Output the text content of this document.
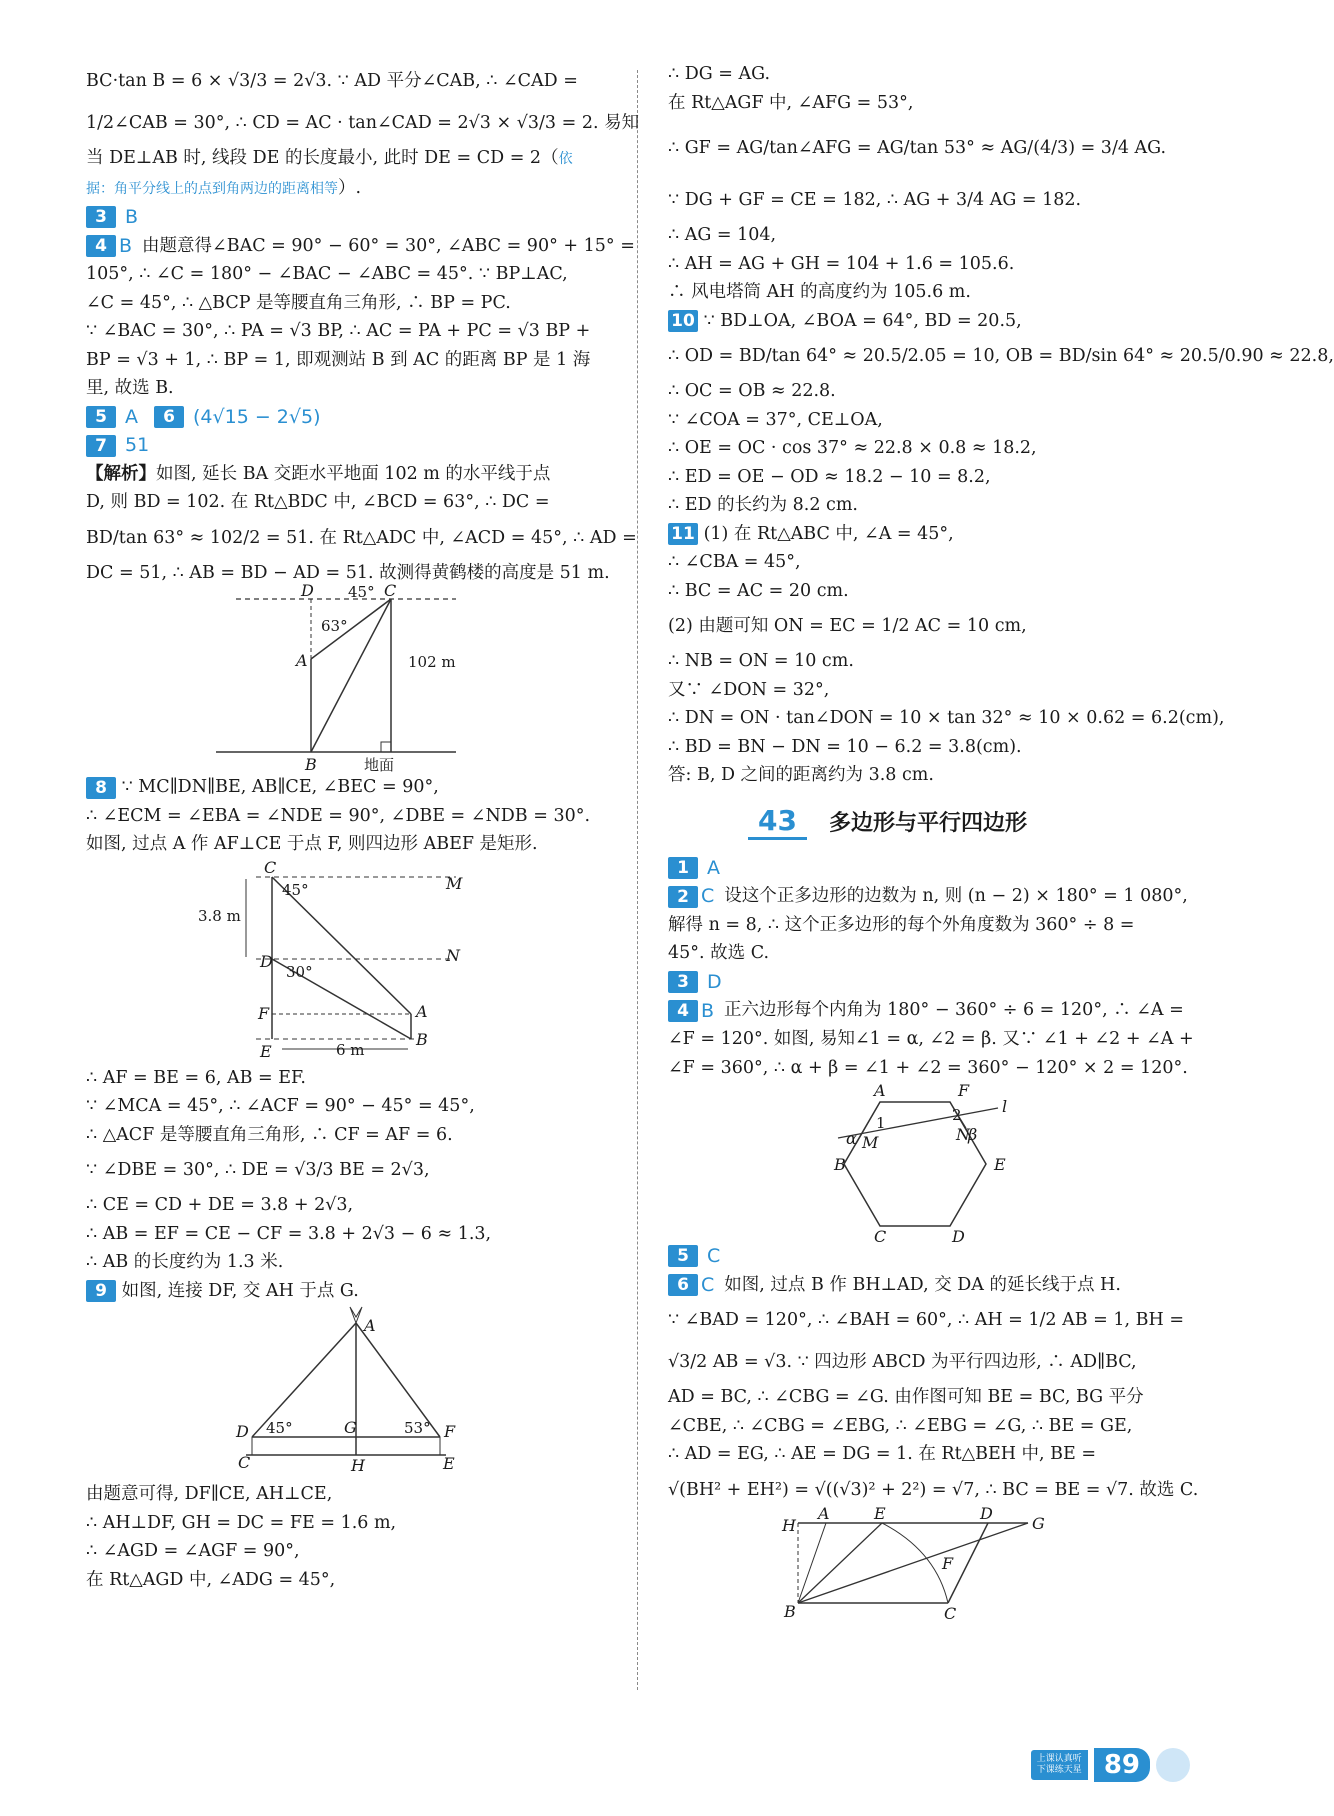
BC·tan B = 6 × √3/3 = 2√3. ∵ AD 平分∠CAB, ∴ ∠CAD =
1/2∠CAB = 30°, ∴ CD = AC · tan∠CAD = 2√3 × √3/3 = 2. 易知
当 DE⊥AB 时, 线段 DE 的长度最小, 此时 DE = CD = 2（依
据：角平分线上的点到角两边的距离相等）.
3 B
4 B 由题意得∠BAC = 90° − 60° = 30°, ∠ABC = 90° + 15° =
105°, ∴ ∠C = 180° − ∠BAC − ∠ABC = 45°. ∵ BP⊥AC,
∠C = 45°, ∴ △BCP 是等腰直角三角形, ∴ BP = PC.
∵ ∠BAC = 30°, ∴ PA = √3 BP, ∴ AC = PA + PC = √3 BP +
BP = √3 + 1, ∴ BP = 1, 即观测站 B 到 AC 的距离 BP 是 1 海
里, 故选 B.
5 A	6 (4√15 − 2√5)
7 51
【解析】如图, 延长 BA 交距水平地面 102 m 的水平线于点
D, 则 BD = 102. 在 Rt△BDC 中, ∠BCD = 63°, ∴ DC =
BD/tan 63° ≈ 102/2 = 51. 在 Rt△ADC 中, ∠ACD = 45°, ∴ AD =
DC = 51, ∴ AB = BD − AD = 51. 故测得黄鹤楼的高度是 51 m.
D	C
A
B
45°
63°
102 m
地面
8 ∵ MC∥DN∥BE, AB∥CE, ∠BEC = 90°,
∴ ∠ECM = ∠EBA = ∠NDE = 90°, ∠DBE = ∠NDB = 30°.
如图, 过点 A 作 AF⊥CE 于点 F, 则四边形 ABEF 是矩形.
C
M
D	N
F	A
E
B
45°
30°
3.8 m
6 m
∴ AF = BE = 6, AB = EF.
∵ ∠MCA = 45°, ∴ ∠ACF = 90° − 45° = 45°,
∴ △ACF 是等腰直角三角形, ∴ CF = AF = 6.
∵ ∠DBE = 30°, ∴ DE = √3/3 BE = 2√3,
∴ CE = CD + DE = 3.8 + 2√3,
∴ AB = EF = CE − CF = 3.8 + 2√3 − 6 ≈ 1.3,
∴ AB 的长度约为 1.3 米.
9 如图, 连接 DF, 交 AH 于点 G.
A
D	G	F
C	H	E
45°	53°
由题意可得, DF∥CE, AH⊥CE,
∴ AH⊥DF, GH = DC = FE = 1.6 m,
∴ ∠AGD = ∠AGF = 90°,
在 Rt△AGD 中, ∠ADG = 45°,
∴ DG = AG.
在 Rt△AGF 中, ∠AFG = 53°,
∴ GF = AG/tan∠AFG = AG/tan 53° ≈ AG/(4/3) = 3/4 AG.
∵ DG + GF = CE = 182, ∴ AG + 3/4 AG = 182.
∴ AG = 104,
∴ AH = AG + GH = 104 + 1.6 = 105.6.
∴ 风电塔筒 AH 的高度约为 105.6 m.
10 ∵ BD⊥OA, ∠BOA = 64°, BD = 20.5,
∴ OD = BD/tan 64° ≈ 20.5/2.05 = 10, OB = BD/sin 64° ≈ 20.5/0.90 ≈ 22.8,
∴ OC = OB ≈ 22.8.
∵ ∠COA = 37°, CE⊥OA,
∴ OE = OC · cos 37° ≈ 22.8 × 0.8 ≈ 18.2,
∴ ED = OE − OD ≈ 18.2 − 10 = 8.2,
∴ ED 的长约为 8.2 cm.
11 (1) 在 Rt△ABC 中, ∠A = 45°,
∴ ∠CBA = 45°,
∴ BC = AC = 20 cm.
(2) 由题可知 ON = EC = 1/2 AC = 10 cm,
∴ NB = ON = 10 cm.
又∵ ∠DON = 32°,
∴ DN = ON · tan∠DON = 10 × tan 32° ≈ 10 × 0.62 = 6.2(cm),
∴ BD = BN − DN = 10 − 6.2 = 3.8(cm).
答: B, D 之间的距离约为 3.8 cm.
43	多边形与平行四边形
1 A
2 C 设这个正多边形的边数为 n, 则 (n − 2) × 180° = 1 080°,
解得 n = 8, ∴ 这个正多边形的每个外角度数为 360° ÷ 8 =
45°. 故选 C.
3 D
4 B 正六边形每个内角为 180° − 360° ÷ 6 = 120°, ∴ ∠A =
∠F = 120°. 如图, 易知∠1 = α, ∠2 = β. 又∵ ∠1 + ∠2 + ∠A +
∠F = 360°, ∴ α + β = ∠1 + ∠2 = 360° − 120° × 2 = 120°.
A	F
E
D
C
B
M	N
l
1	2
α	β
5 C
6 C 如图, 过点 B 作 BH⊥AD, 交 DA 的延长线于点 H.
∵ ∠BAD = 120°, ∴ ∠BAH = 60°, ∴ AH = 1/2 AB = 1, BH =
√3/2 AB = √3. ∵ 四边形 ABCD 为平行四边形, ∴ AD∥BC,
AD = BC, ∴ ∠CBG = ∠G. 由作图可知 BE = BC, BG 平分
∠CBE, ∴ ∠CBG = ∠EBG, ∴ ∠EBG = ∠G, ∴ BE = GE,
∴ AD = EG, ∴ AE = DG = 1. 在 Rt△BEH 中, BE =
√(BH² + EH²) = √((√3)² + 2²) = √7, ∴ BC = BE = √7. 故选 C.
H
A	E	D
G
F
B	C
上课认真听
下课练天星 89
